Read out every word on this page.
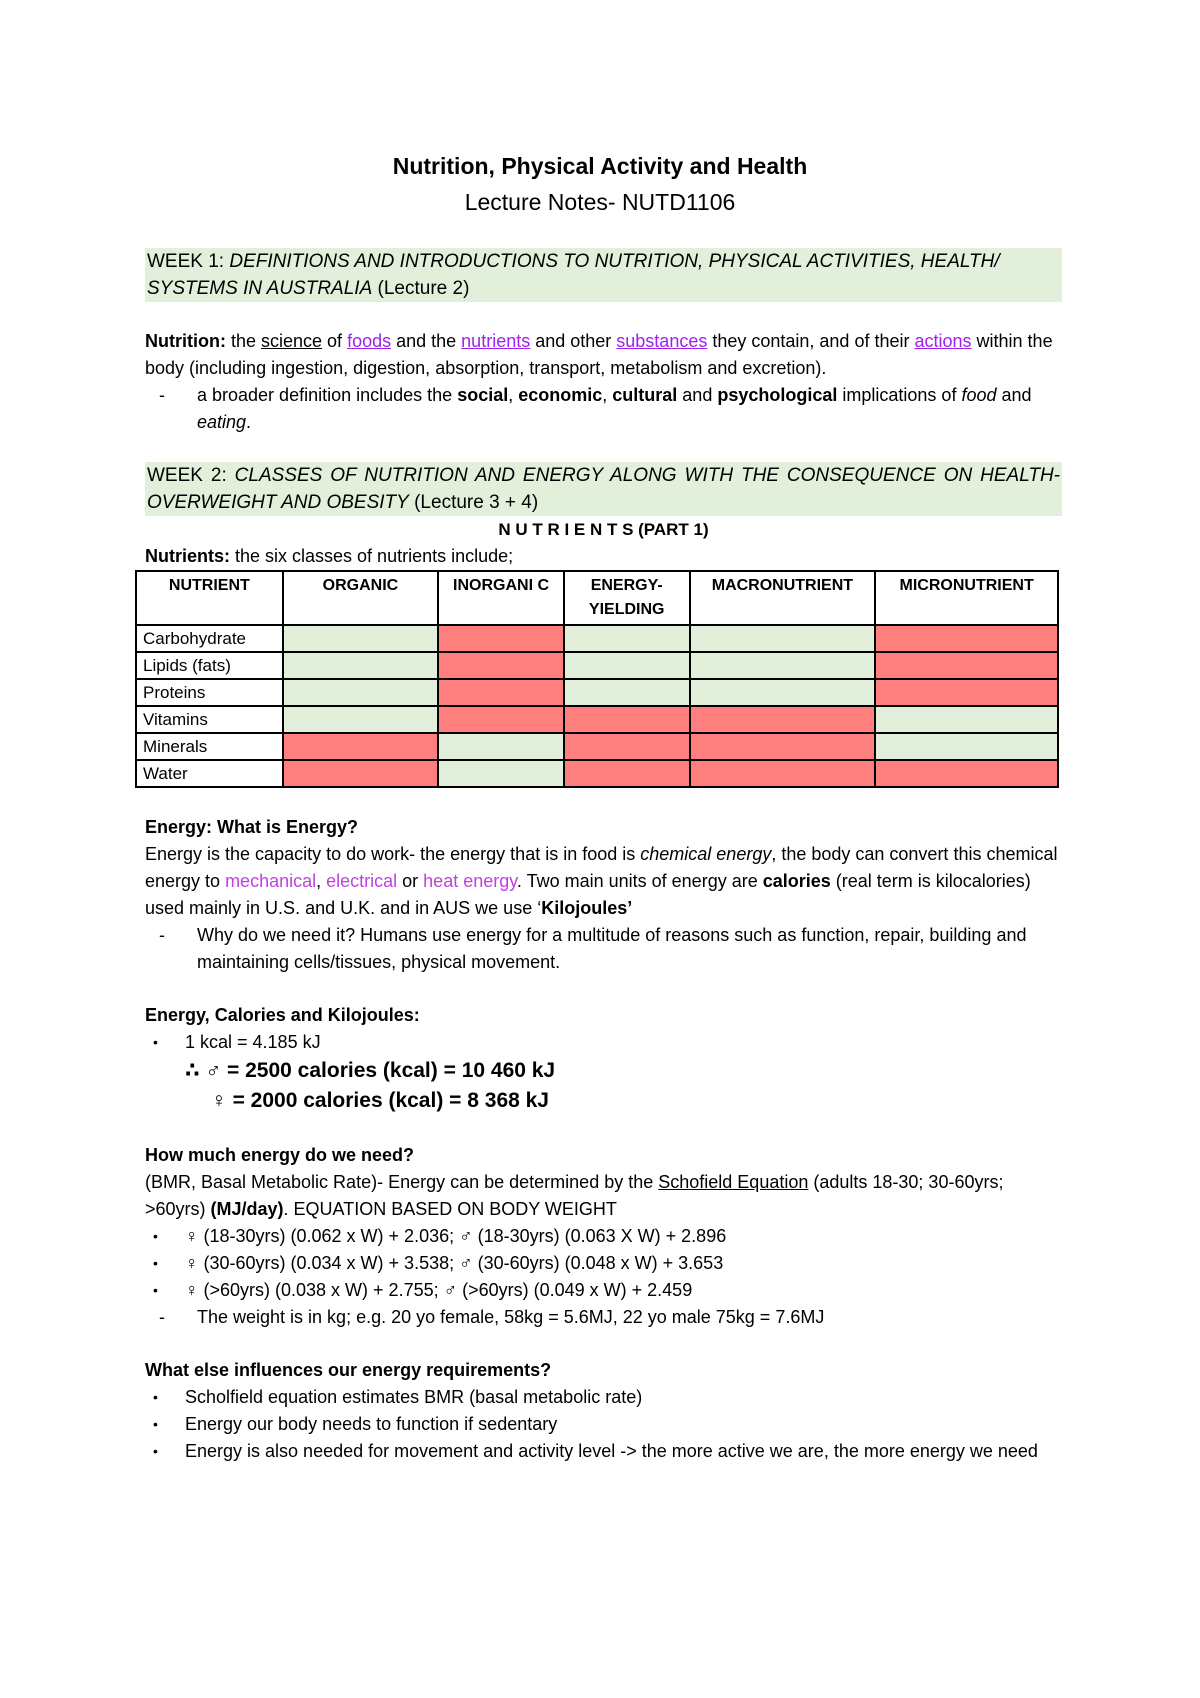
Nutrition, Physical Activity and Health
Lecture Notes- NUTD1106
WEEK 1: DEFINITIONS AND INTRODUCTIONS TO NUTRITION, PHYSICAL ACTIVITIES, HEALTH/ SYSTEMS IN AUSTRALIA (Lecture 2)

Nutrition: the science of foods and the nutrients and other substances they contain, and of their actions within the body (including ingestion, digestion, absorption, transport, metabolism and excretion).

-	a broader definition includes the social, economic, cultural and psychological implications of food and eating.
WEEK 2: CLASSES OF NUTRITION AND ENERGY ALONG WITH THE CONSEQUENCE ON HEALTH- OVERWEIGHT AND OBESITY (Lecture 3 + 4)

N U T R I E N T S (PART 1)

Nutrients: the six classes of nutrients include;

NUTRIENT	ORGANIC	INORGANI C	ENERGY- YIELDING	MACRONUTRIENT	MICRONUTRIENT
Carbohydrate					
Lipids (fats)					
Proteins					
Vitamins					
Minerals					
Water					

Energy: What is Energy?

Energy is the capacity to do work- the energy that is in food is chemical energy, the body can convert this chemical energy to mechanical, electrical or heat energy. Two main units of energy are calories (real term is kilocalories) used mainly in U.S. and U.K. and in AUS we use ‘Kilojoules’

-	Why do we need it? Humans use energy for a multitude of reasons such as function, repair, building and maintaining cells/tissues, physical movement.

Energy, Calories and Kilojoules:

•	1 kcal = 4.185 kJ

∴ ♂ = 2500 calories (kcal) = 10 460 kJ

♀ = 2000 calories (kcal) = 8 368 kJ

How much energy do we need?

(BMR, Basal Metabolic Rate)- Energy can be determined by the Schofield Equation (adults 18-30; 30-60yrs; >60yrs) (MJ/day). EQUATION BASED ON BODY WEIGHT

•	♀ (18-30yrs) (0.062 x W) + 2.036; ♂ (18-30yrs) (0.063 X W) + 2.896
•	♀ (30-60yrs) (0.034 x W) + 3.538; ♂ (30-60yrs) (0.048 x W) + 3.653
•	♀ (>60yrs) (0.038 x W) + 2.755; ♂ (>60yrs) (0.049 x W) + 2.459
-	The weight is in kg; e.g. 20 yo female, 58kg = 5.6MJ, 22 yo male 75kg = 7.6MJ

What else influences our energy requirements?

•	Scholfield equation estimates BMR (basal metabolic rate)
•	Energy our body needs to function if sedentary
•	Energy is also needed for movement and activity level -> the more active we are, the more energy we need
